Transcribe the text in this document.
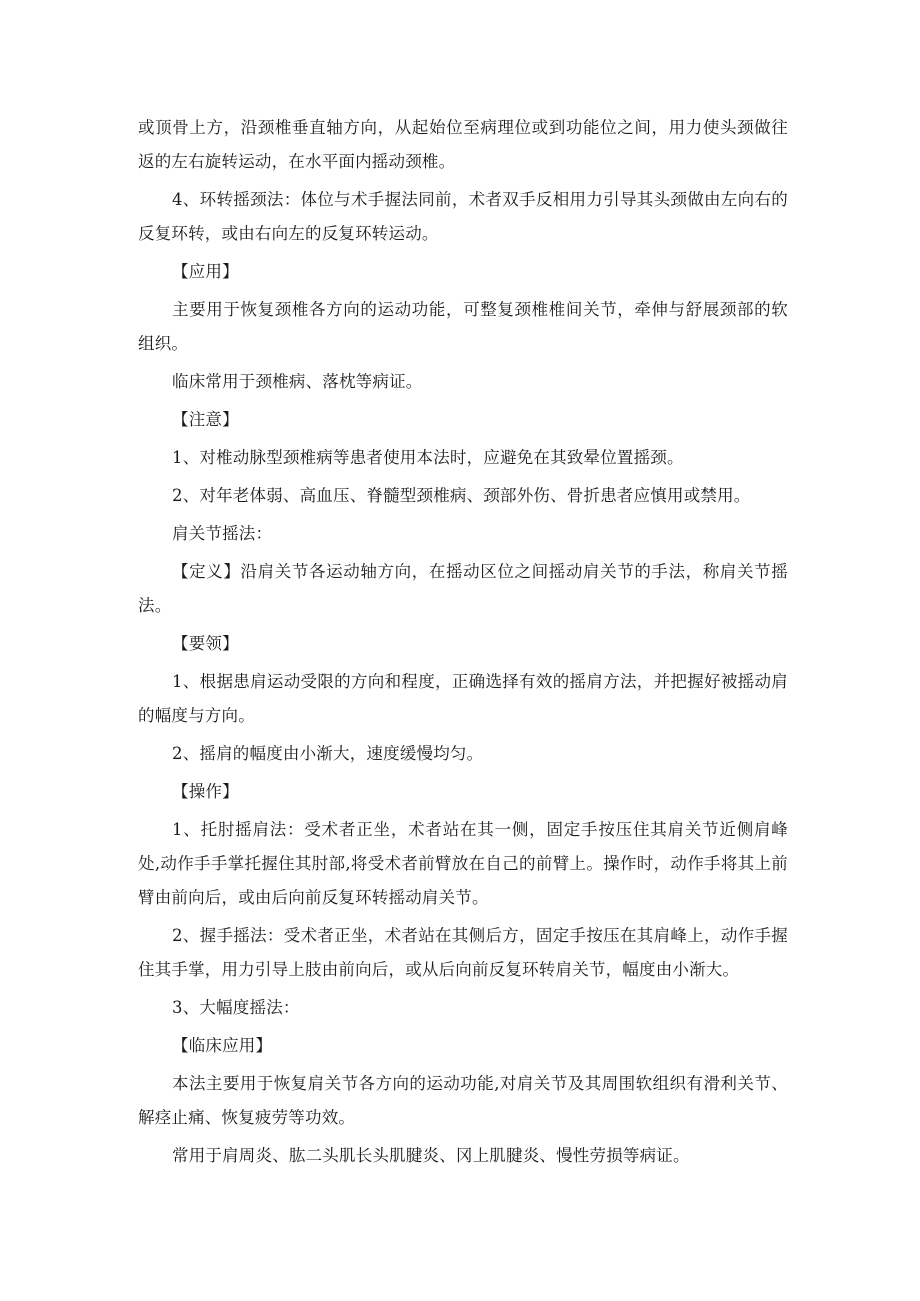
或顶骨上方，沿颈椎垂直轴方向，从起始位至病理位或到功能位之间，用力使头颈做往返的左右旋转运动，在水平面内摇动颈椎。

4、环转摇颈法：体位与术手握法同前，术者双手反相用力引导其头颈做由左向右的反复环转，或由右向左的反复环转运动。

【应用】

主要用于恢复颈椎各方向的运动功能，可整复颈椎椎间关节，牵伸与舒展颈部的软组织。

临床常用于颈椎病、落枕等病证。

【注意】

1、对椎动脉型颈椎病等患者使用本法时，应避免在其致晕位置摇颈。

2、对年老体弱、高血压、脊髓型颈椎病、颈部外伤、骨折患者应慎用或禁用。

肩关节摇法：

【定义】沿肩关节各运动轴方向，在摇动区位之间摇动肩关节的手法，称肩关节摇法。

【要领】

1、根据患肩运动受限的方向和程度，正确选择有效的摇肩方法，并把握好被摇动肩的幅度与方向。

2、摇肩的幅度由小渐大，速度缓慢均匀。

【操作】

1、托肘摇肩法：受术者正坐，术者站在其一侧，固定手按压住其肩关节近侧肩峰处,动作手手掌托握住其肘部,将受术者前臂放在自己的前臂上。操作时，动作手将其上前臂由前向后，或由后向前反复环转摇动肩关节。

2、握手摇法：受术者正坐，术者站在其侧后方，固定手按压在其肩峰上，动作手握住其手掌，用力引导上肢由前向后，或从后向前反复环转肩关节，幅度由小渐大。

3、大幅度摇法：

【临床应用】

本法主要用于恢复肩关节各方向的运动功能,对肩关节及其周围软组织有滑利关节、解痉止痛、恢复疲劳等功效。

常用于肩周炎、肱二头肌长头肌腱炎、冈上肌腱炎、慢性劳损等病证。
